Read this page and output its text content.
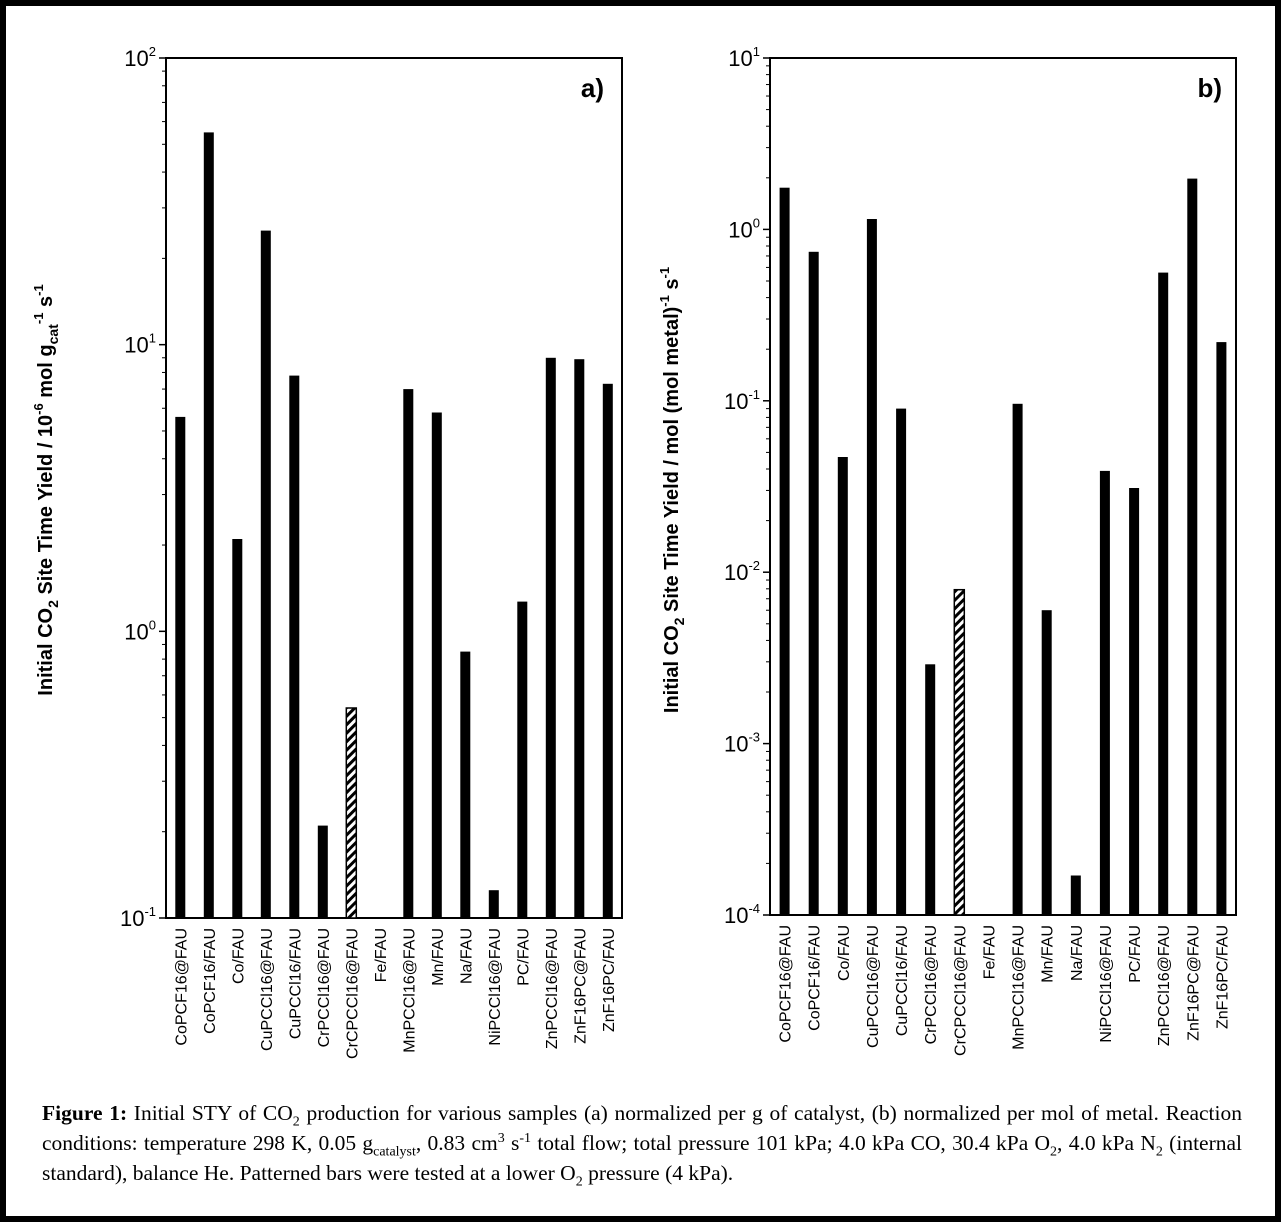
$10^{-1}$
$10^0$
$10^1$
$10^2$
CoPCF16@FAU CoPCF16/FAU Co/FAU CuPCCl16@FAU CuPCCl16/FAU CrPCCl16@FAU CrCPCCl16@FAU Fe/FAU MnPCCl16@FAU Mn/FAU Na/FAU NiPCCl16@FAU PC/FAU ZnPCCl16@FAU ZnF16PC@FAU ZnF16PC/FAU
a)
Initial $CO_2$ Site Time Yield / $10^{-6}$ mol $g_{cat}^{-1}$ $s^{-1}$
$10^{-4}$
$10^{-3}$
$10^{-2}$
$10^{-1}$
$10^0$
$10^1$
CoPCF16@FAU CoPCF16/FAU Co/FAU CuPCCl16@FAU CuPCCl16/FAU CrPCCl16@FAU CrCPCCl16@FAU Fe/FAU MnPCCl16@FAU Mn/FAU Na/FAU NiPCCl16@FAU PC/FAU ZnPCCl16@FAU ZnF16PC@FAU ZnF16PC/FAU
b)
Initial $CO_2$ Site Time Yield / mol (mol metal)$^{-1}$ $s^{-1}$
Figure 1: Initial STY of $CO_2$ production for various samples (a) normalized per g of catalyst, (b) normalized per mol of metal. Reaction conditions: temperature 298 K, 0.05 $g_{catalyst}$, 0.83 $cm^3$ $s^{-1}$ total flow; total pressure 101 kPa; 4.0 kPa CO, 30.4 kPa $O_2$, 4.0 kPa $N_2$ (internal standard), balance He. Patterned bars were tested at a lower $O_2$ pressure (4 kPa).
